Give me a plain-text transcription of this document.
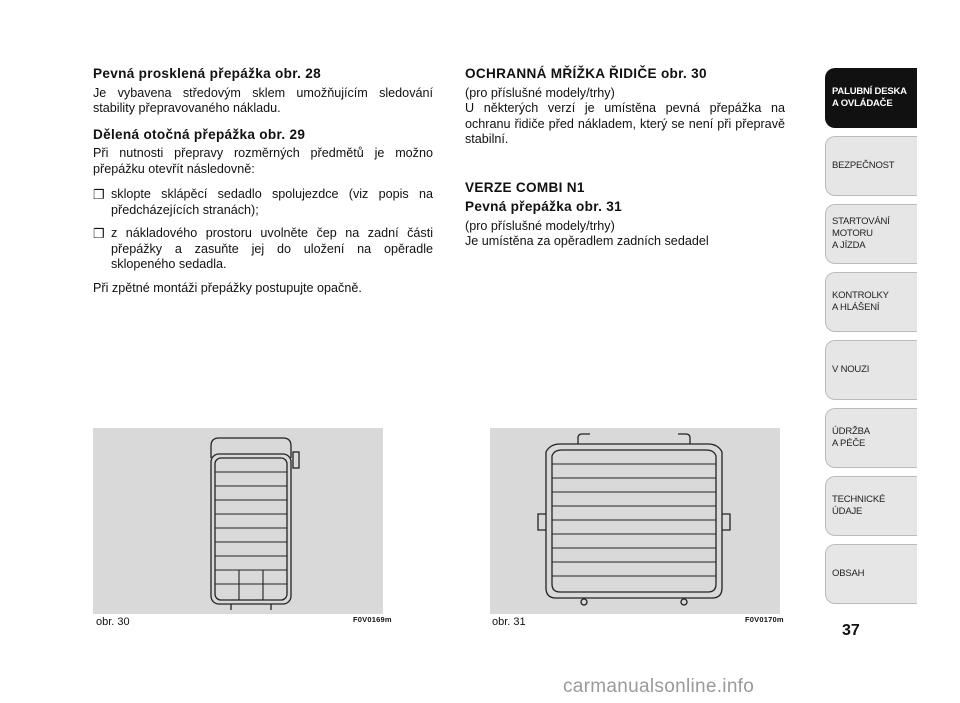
Pevná prosklená přepážka obr. 28

Je vybavena středovým sklem umožňujícím sledování stability přepravovaného nákladu.

Dělená otočná přepážka obr. 29

Při nutnosti přepravy rozměrných předmětů je možno přepážku otevřít následovně:

❒ sklopte sklápěcí sedadlo spolujezdce (viz popis na předcházejících stranách);
❒ z nákladového prostoru uvolněte čep na zadní části přepážky a zasuňte jej do uložení na opěradle sklopeného sedadla.

Při zpětné montáži přepážky postupujte opačně.

OCHRANNÁ MŘÍŽKA ŘIDIČE obr. 30

(pro příslušné modely/trhy)

U některých verzí je umístěna pevná přepážka na ochranu řidiče před nákladem, který se není při přepravě stabilní.

VERZE COMBI N1
Pevná přepážka obr. 31

(pro příslušné modely/trhy)

Je umístěna za opěradlem zadních sedadel

obr. 30	F0V0169m	obr. 31	F0V0170m
PALUBNÍ DESKA
A OVLÁDAČE
BEZPEČNOST
STARTOVÁNÍ
MOTORU
A JÍZDA
KONTROLKY
A HLÁŠENÍ
V NOUZI
ÚDRŽBA
A PÉČE
TECHNICKÉ
ÚDAJE
OBSAH
37
carmanualsonline.info
